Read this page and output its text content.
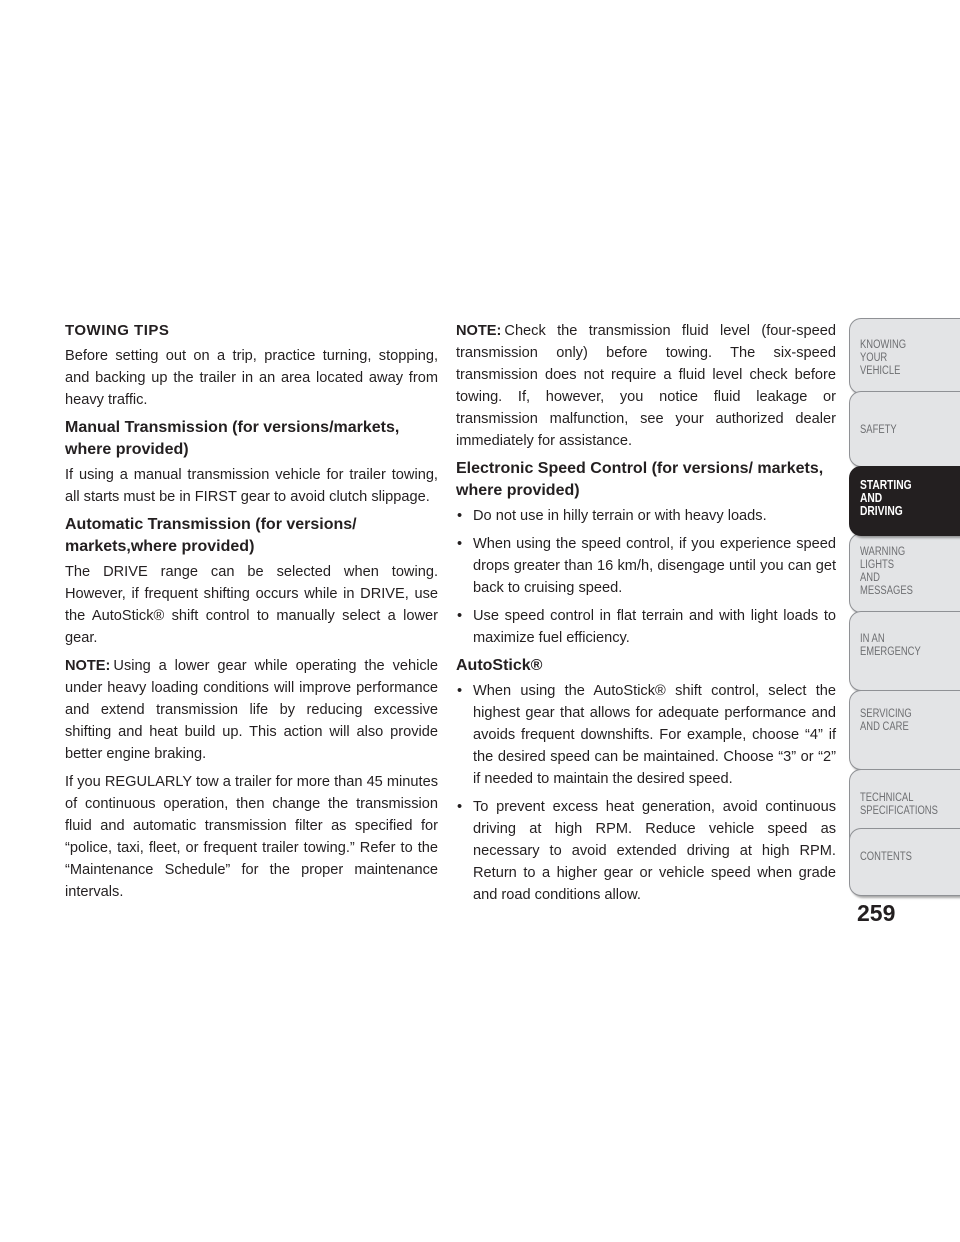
TOWING TIPS

Before setting out on a trip, practice turning, stopping, and backing up the trailer in an area located away from heavy traffic.

Manual Transmission (for versions/markets, where provided)

If using a manual transmission vehicle for trailer towing, all starts must be in FIRST gear to avoid clutch slippage.

Automatic Transmission (for versions/ markets,where provided)

The DRIVE range can be selected when towing. However, if frequent shifting occurs while in DRIVE, use the AutoStick® shift control to manually select a lower gear.

NOTE: Using a lower gear while operating the vehicle under heavy loading conditions will improve performance and extend transmission life by reducing excessive shifting and heat build up. This action will also provide better engine braking.

If you REGULARLY tow a trailer for more than 45 minutes of continuous operation, then change the transmission fluid and automatic transmission filter as specified for “police, taxi, fleet, or frequent trailer towing.” Refer to the “Maintenance Schedule” for the proper maintenance intervals.

NOTE: Check the transmission fluid level (four-speed transmission only) before towing. The six-speed transmission does not require a fluid level check before towing. If, however, you notice fluid leakage or transmission malfunction, see your authorized dealer immediately for assistance.

Electronic Speed Control (for versions/ markets, where provided)
• Do not use in hilly terrain or with heavy loads.
• When using the speed control, if you experience speed drops greater than 16 km/h, disengage until you can get back to cruising speed.
• Use speed control in flat terrain and with light loads to maximize fuel efficiency.
AutoStick®
• When using the AutoStick® shift control, select the highest gear that allows for adequate performance and avoids frequent downshifts. For example, choose “4” if the desired speed can be maintained. Choose “3” or “2” if needed to maintain the desired speed.
• To prevent excess heat generation, avoid continuous driving at high RPM. Reduce vehicle speed as necessary to avoid extended driving at high RPM. Return to a higher gear or vehicle speed when grade and road conditions allow.
KNOWING
YOUR
VEHICLE
SAFETY
STARTING
AND
DRIVING
WARNING
LIGHTS
AND
MESSAGES
IN AN
EMERGENCY
SERVICING
AND CARE
TECHNICAL
SPECIFICATIONS
CONTENTS
259
